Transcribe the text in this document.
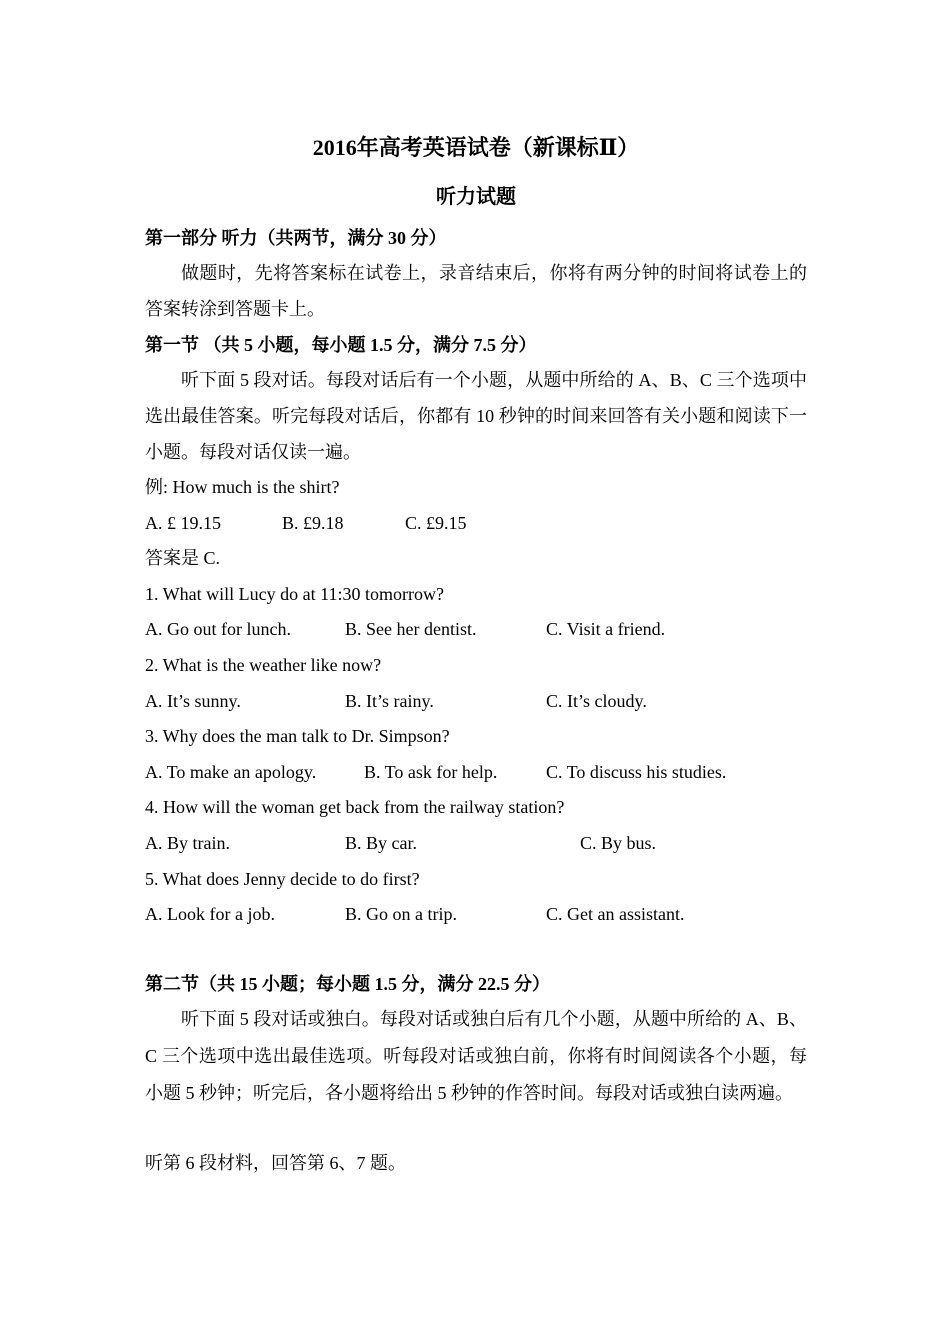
2016年高考英语试卷（新课标Ⅱ）
听力试题
第一部分 听力（共两节，满分 30 分）

做题时，先将答案标在试卷上，录音结束后，你将有两分钟的时间将试卷上的答案转涂到答题卡上。

第一节 （共 5 小题，每小题 1.5 分，满分 7.5 分）

听下面 5 段对话。每段对话后有一个小题，从题中所给的 A、B、C 三个选项中选出最佳答案。听完每段对话后，你都有 10 秒钟的时间来回答有关小题和阅读下一小题。每段对话仅读一遍。

例: How much is the shirt?
A. £ 19.15	B. £9.18	C. £9.15
答案是 C.
1. What will Lucy do at 11:30 tomorrow?
A. Go out for lunch.	B. See her dentist.	C. Visit a friend.
2. What is the weather like now?
A. It’s sunny.	B. It’s rainy.	C. It’s cloudy.
3. Why does the man talk to Dr. Simpson?
A. To make an apology.	B. To ask for help.	C. To discuss his studies.
4. How will the woman get back from the railway station?
A. By train.	B. By car.	C. By bus.
5. What does Jenny decide to do first?
A. Look for a job.	B. Go on a trip.	C. Get an assistant.
第二节（共 15 小题；每小题 1.5 分，满分 22.5 分）

听下面 5 段对话或独白。每段对话或独白后有几个小题，从题中所给的 A、B、C 三个选项中选出最佳选项。听每段对话或独白前，你将有时间阅读各个小题，每小题 5 秒钟；听完后，各小题将给出 5 秒钟的作答时间。每段对话或独白读两遍。

听第 6 段材料，回答第 6、7 题。
